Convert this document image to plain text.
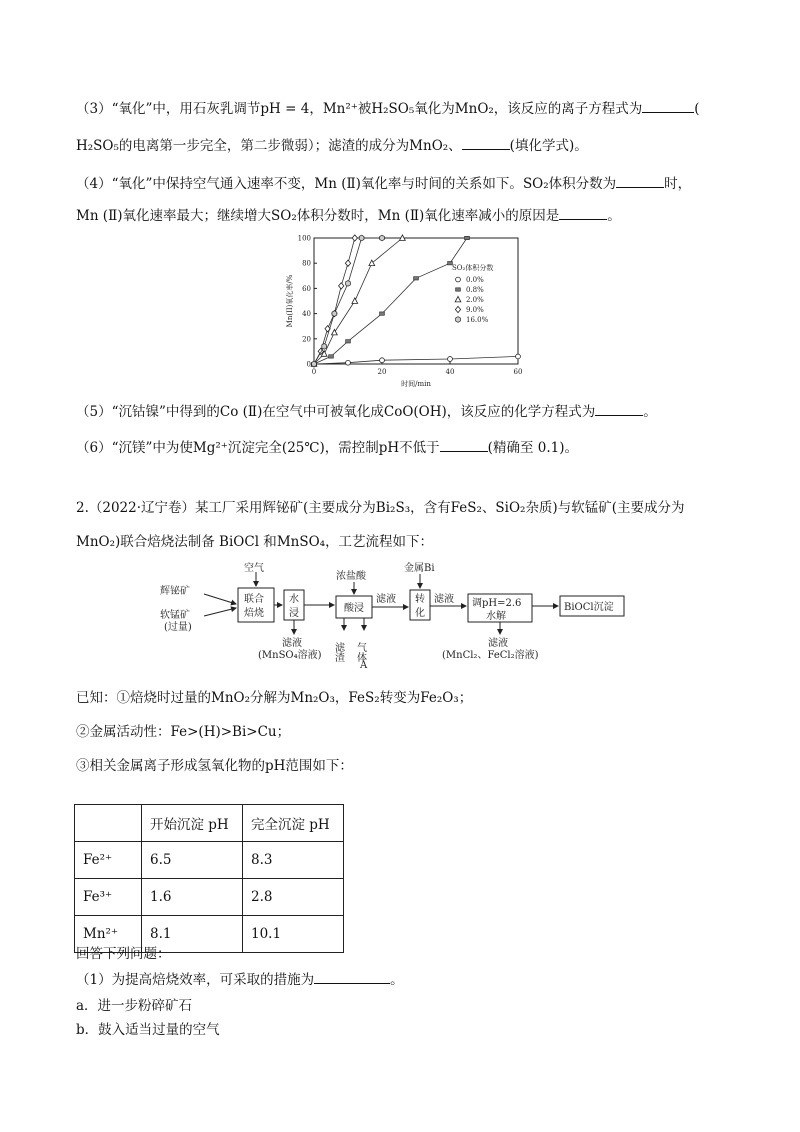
（3）“氧化”中，用石灰乳调节pH = 4，Mn²⁺被H₂SO₅氧化为MnO₂，该反应的离子方程式为	(
H₂SO₅的电离第一步完全，第二步微弱）；滤渣的成分为MnO₂、	(填化学式)。
（4）“氧化”中保持空气通入速率不变，Mn (Ⅱ)氧化率与时间的关系如下。SO₂体积分数为	时，
Mn (Ⅱ)氧化速率最大；继续增大SO₂体积分数时，Mn (Ⅱ)氧化速率减小的原因是	。
0	20	40	60
0
20
40
60
80
100
时间/min
Mn(II)氧化率/%
SO₂体积分数
0.0%
0.8%
2.0%
9.0%
16.0%
（5）“沉钴镍”中得到的Co (Ⅱ)在空气中可被氧化成CoO(OH)，该反应的化学方程式为	。
（6）“沉镁”中为使Mg²⁺沉淀完全(25℃)，需控制pH不低于	(精确至 0.1)。
2.（2022·辽宁卷）某工厂采用辉铋矿(主要成分为Bi₂S₃，含有FeS₂、SiO₂杂质)与软锰矿(主要成分为
MnO₂)联合焙烧法制备 BiOCl 和MnSO₄，工艺流程如下：
空气
辉铋矿
软锰矿
(过量)
联合
焙烧
水
浸
浓盐酸
酸浸
滤液
金属Bi
转
化
滤液 调pH=2.6
水解
BiOCl沉淀
滤液
(MnSO₄溶液) 滤渣 气体
A
滤液
(MnCl₂、FeCl₂溶液)
已知：①焙烧时过量的MnO₂分解为Mn₂O₃，FeS₂转变为Fe₂O₃；
②金属活动性：Fe>(H)>Bi>Cu；
③相关金属离子形成氢氧化物的pH范围如下：
	开始沉淀 pH	完全沉淀 pH
Fe²⁺	6.5	8.3
Fe³⁺	1.6	2.8
Mn²⁺	8.1	10.1
回答下列问题：
（1）为提高焙烧效率，可采取的措施为	。
a．进一步粉碎矿石
b．鼓入适当过量的空气
